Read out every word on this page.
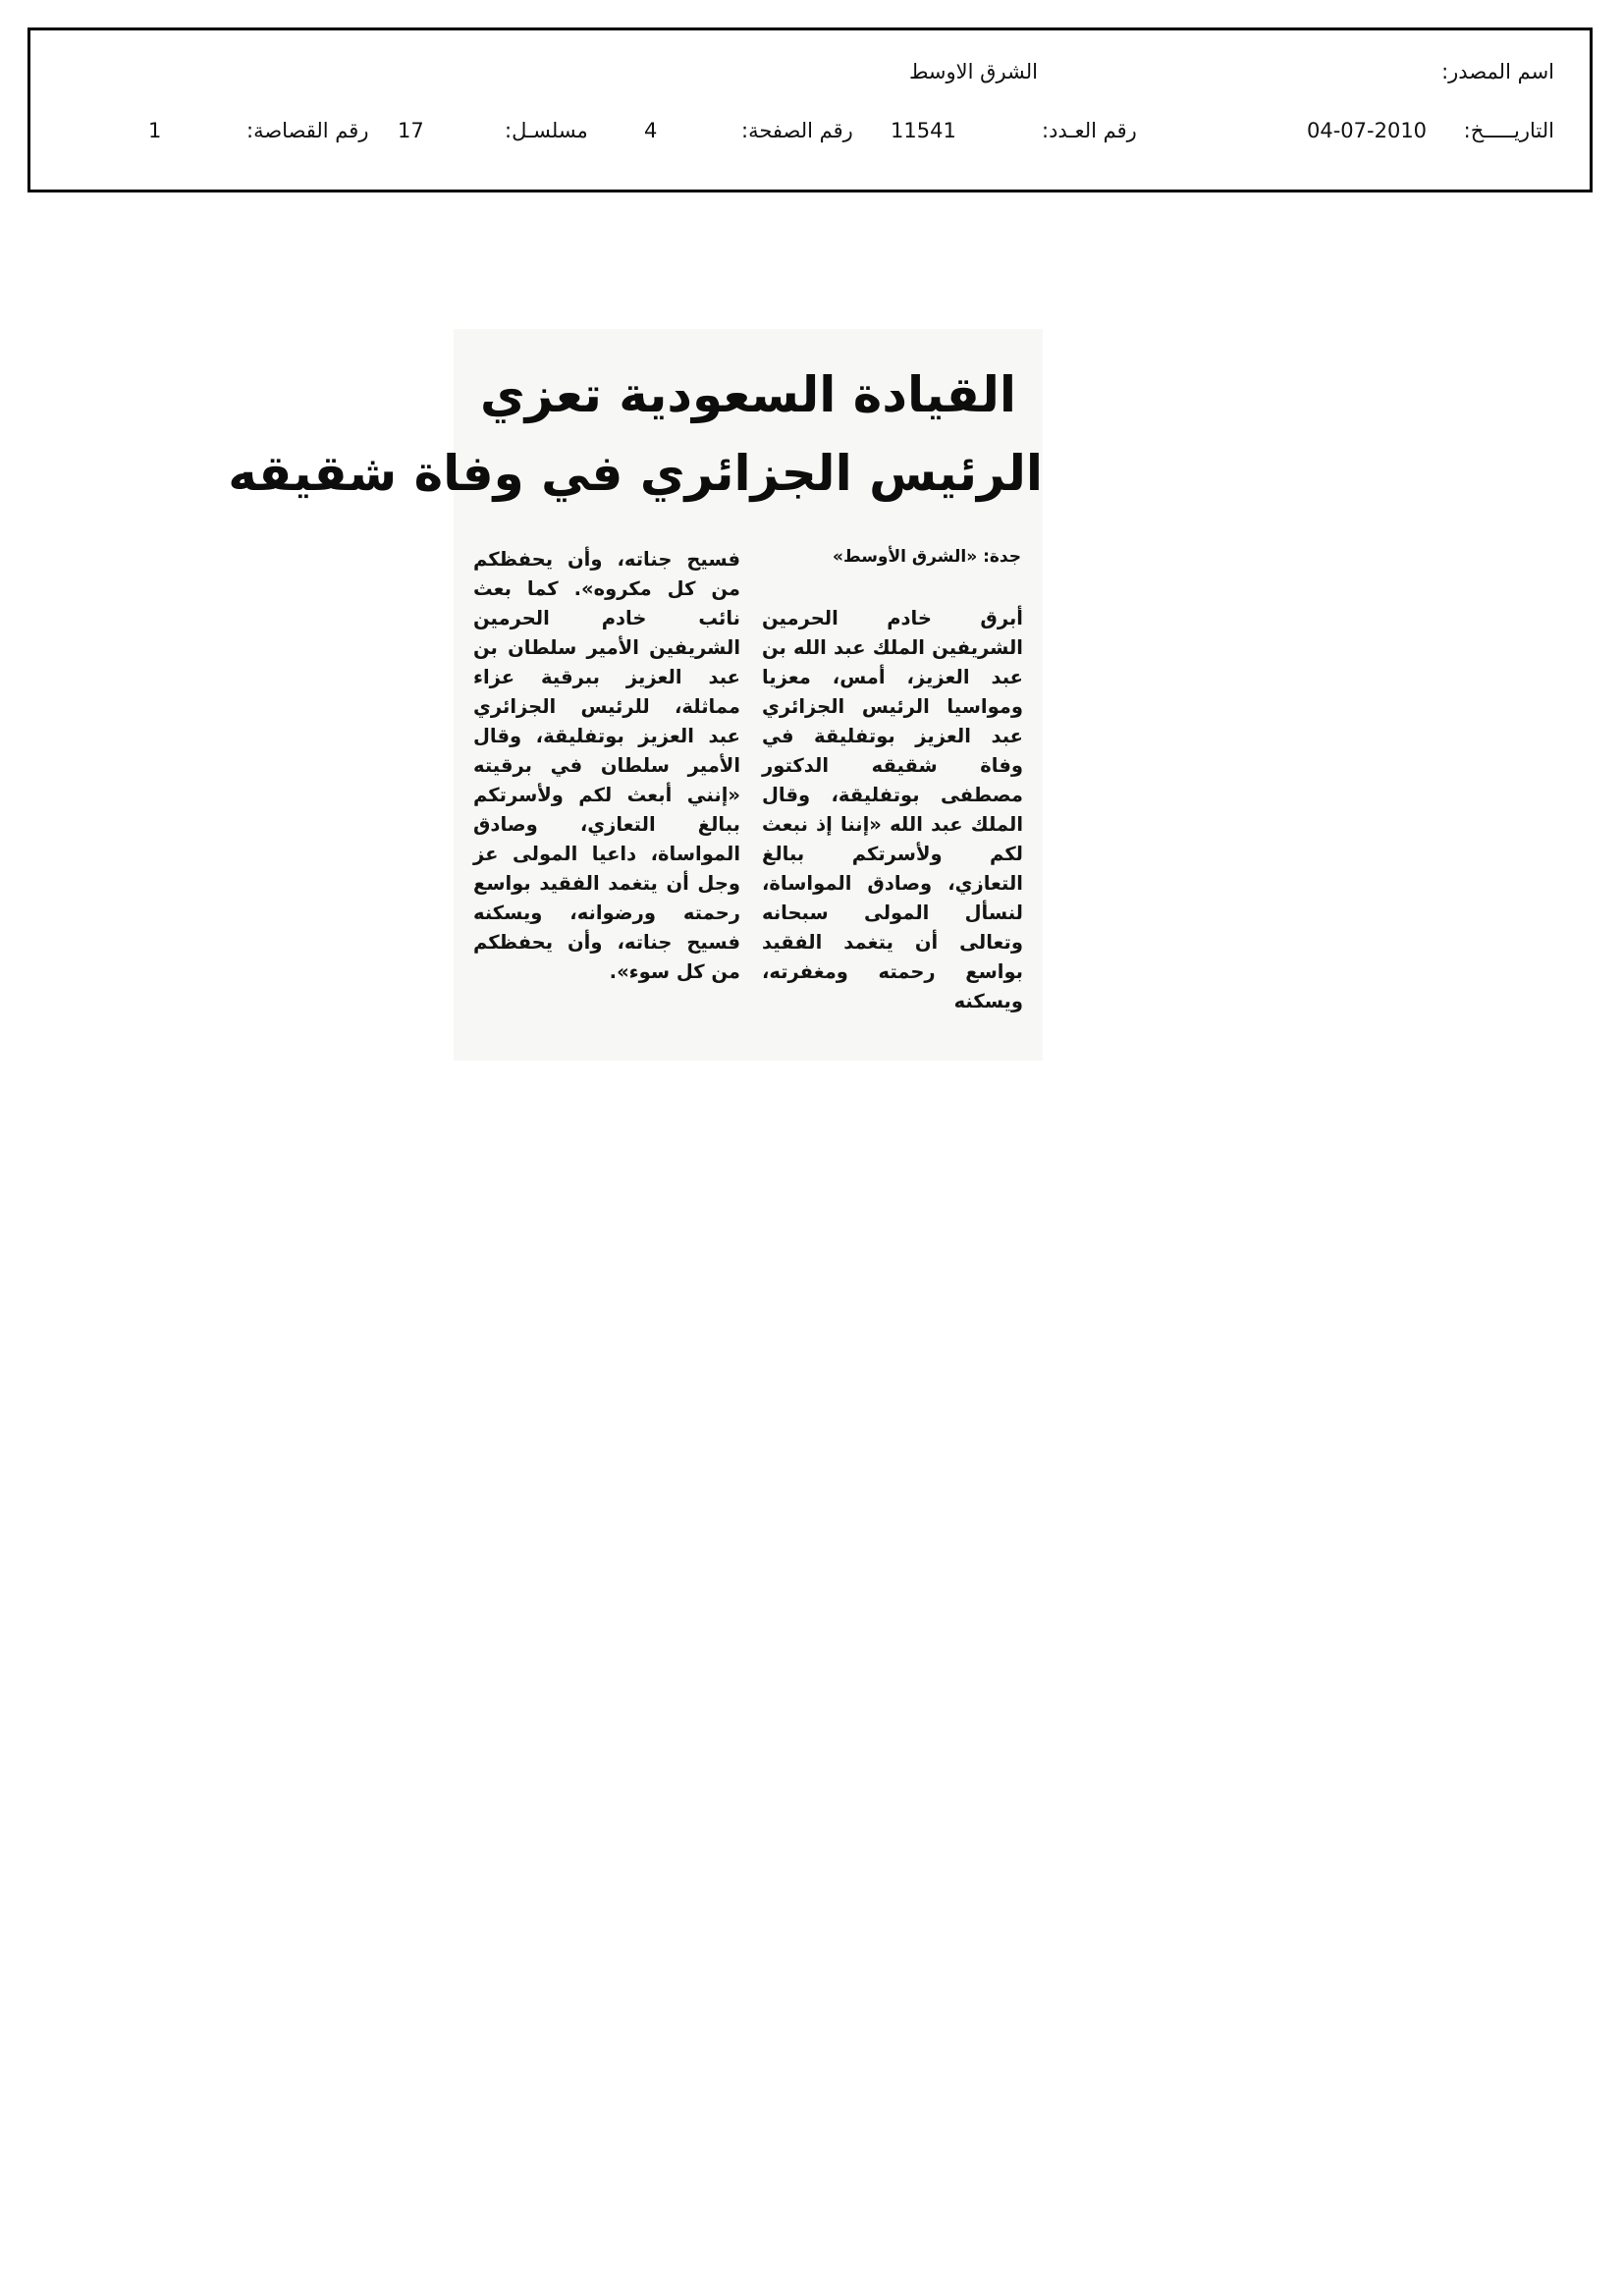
اسم المصدر:
الشرق الاوسط
التاريـــــخ:
04-07-2010
رقم العـدد:
11541
رقم الصفحة:
4
مسلسـل:
17
رقم القصاصة:
1
القيادة السعودية تعزي
الرئيس الجزائري في وفاة شقيقه
جدة: «الشرق الأوسط»
أبرق خادم الحرمين الشريفين الملك عبد الله بن عبد العزيز، أمس، معزيا ومواسيا الرئيس الجزائري عبد العزيز بوتفليقة في وفاة شقيقه الدكتور مصطفى بوتفليقة، وقال الملك عبد الله «إننا إذ نبعث لكم ولأسرتكم ببالغ التعازي، وصادق المواساة، لنسأل المولى سبحانه وتعالى أن يتغمد الفقيد بواسع رحمته ومغفرته، ويسكنه
فسيح جناته، وأن يحفظكم من كل مكروه». كما بعث نائب خادم الحرمين الشريفين الأمير سلطان بن عبد العزيز ببرقية عزاء مماثلة، للرئيس الجزائري عبد العزيز بوتفليقة، وقال الأمير سلطان في برقيته «إنني أبعث لكم ولأسرتكم ببالغ التعازي، وصادق المواساة، داعيا المولى عز وجل أن يتغمد الفقيد بواسع رحمته ورضوانه، ويسكنه فسيح جناته، وأن يحفظكم من كل سوء».
